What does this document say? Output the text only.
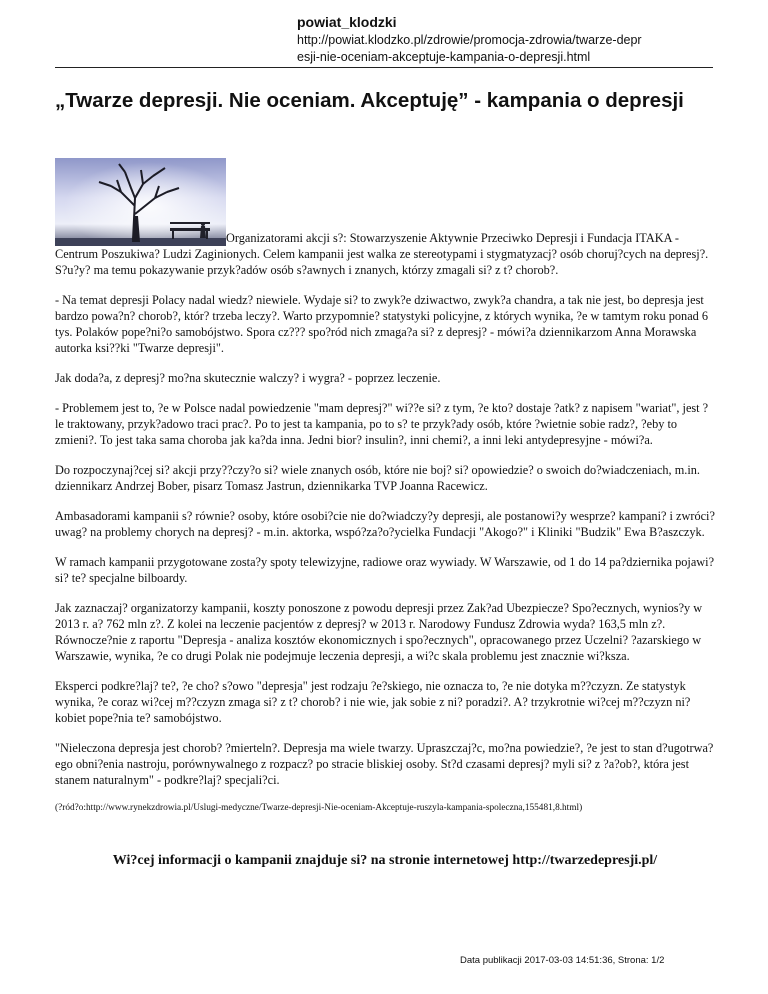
powiat_klodzki
http://powiat.klodzko.pl/zdrowie/promocja-zdrowia/twarze-depr
esji-nie-oceniam-akceptuje-kampania-o-depresji.html
„Twarze depresji. Nie oceniam. Akceptuję” - kampania o depresji

Organizatorami akcji s?: Stowarzyszenie Aktywnie Przeciwko Depresji i Fundacja ITAKA - Centrum Poszukiwa? Ludzi Zaginionych. Celem kampanii jest walka ze stereotypami i stygmatyzacj? osób choruj?cych na depresj?. S?u?y? ma temu pokazywanie przyk?adów osób s?awnych i znanych, którzy zmagali si? z t? chorob?.

- Na temat depresji Polacy nadal wiedz? niewiele. Wydaje si? to zwyk?e dziwactwo, zwyk?a chandra, a tak nie jest, bo depresja jest bardzo powa?n? chorob?, któr? trzeba leczy?. Warto przypomnie? statystyki policyjne, z których wynika, ?e w tamtym roku ponad 6 tys. Polaków pope?ni?o samobójstwo. Spora cz??? spo?ród nich zmaga?a si? z depresj? - mówi?a dziennikarzom Anna Morawska autorka ksi??ki "Twarze depresji".

Jak doda?a, z depresj? mo?na skutecznie walczy? i wygra? - poprzez leczenie.

- Problemem jest to, ?e w Polsce nadal powiedzenie "mam depresj?" wi??e si? z tym, ?e kto? dostaje ?atk? z napisem "wariat", jest ?le traktowany, przyk?adowo traci prac?. Po to jest ta kampania, po to s? te przyk?ady osób, które ?wietnie sobie radz?, ?eby to zmieni?. To jest taka sama choroba jak ka?da inna. Jedni bior? insulin?, inni chemi?, a inni leki antydepresyjne - mówi?a.

Do rozpoczynaj?cej si? akcji przy??czy?o si? wiele znanych osób, które nie boj? si? opowiedzie? o swoich do?wiadczeniach, m.in. dziennikarz Andrzej Bober, pisarz Tomasz Jastrun, dziennikarka TVP Joanna Racewicz.

Ambasadorami kampanii s? równie? osoby, które osobi?cie nie do?wiadczy?y depresji, ale postanowi?y wesprze? kampani? i zwróci? uwag? na problemy chorych na depresj? - m.in. aktorka, wspó?za?o?ycielka Fundacji "Akogo?" i Kliniki "Budzik" Ewa B?aszczyk.

W ramach kampanii przygotowane zosta?y spoty telewizyjne, radiowe oraz wywiady. W Warszawie, od 1 do 14 pa?dziernika pojawi? si? te? specjalne bilboardy.

Jak zaznaczaj? organizatorzy kampanii, koszty ponoszone z powodu depresji przez Zak?ad Ubezpiecze? Spo?ecznych, wynios?y w 2013 r. a? 762 mln z?. Z kolei na leczenie pacjentów z depresj? w 2013 r. Narodowy Fundusz Zdrowia wyda? 163,5 mln z?. Równocze?nie z raportu "Depresja - analiza kosztów ekonomicznych i spo?ecznych", opracowanego przez Uczelni? ?azarskiego w Warszawie, wynika, ?e co drugi Polak nie podejmuje leczenia depresji, a wi?c skala problemu jest znacznie wi?ksza.

Eksperci podkre?laj? te?, ?e cho? s?owo "depresja" jest rodzaju ?e?skiego, nie oznacza to, ?e nie dotyka m??czyzn. Ze statystyk wynika, ?e coraz wi?cej m??czyzn zmaga si? z t? chorob? i nie wie, jak sobie z ni? poradzi?. A? trzykrotnie wi?cej m??czyzn ni? kobiet pope?nia te? samobójstwo.

"Nieleczona depresja jest chorob? ?mierteln?. Depresja ma wiele twarzy. Upraszczaj?c, mo?na powiedzie?, ?e jest to stan d?ugotrwa?ego obni?enia nastroju, porównywalnego z rozpacz? po stracie bliskiej osoby. St?d czasami depresj? myli si? z ?a?ob?, która jest stanem naturalnym" - podkre?laj? specjali?ci.

(?ród?o:http://www.rynekzdrowia.pl/Uslugi-medyczne/Twarze-depresji-Nie-oceniam-Akceptuje-ruszyla-kampania-spoleczna,155481,8.html)

Wi?cej informacji o kampanii znajduje si? na stronie internetowej http://twarzedepresji.pl/
Data publikacji 2017-03-03 14:51:36, Strona: 1/2
